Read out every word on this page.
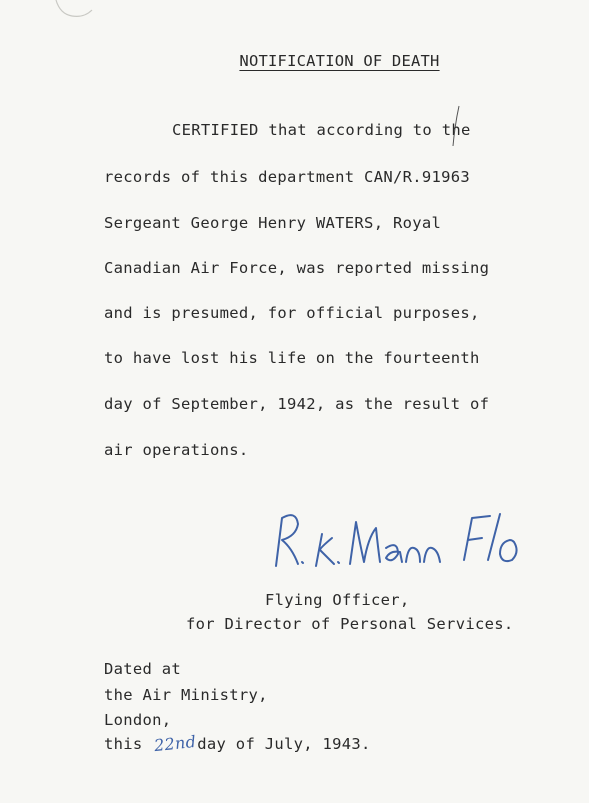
NOTIFICATION OF DEATH
CERTIFIED that according to the
records of this department CAN/R.91963
Sergeant George Henry WATERS, Royal
Canadian Air Force, was reported missing
and is presumed, for official purposes,
to have lost his life on the fourteenth
day of September, 1942, as the result of
air operations.
Flying Officer,
for Director of Personal Services.
Dated at
the Air Ministry,
London,
this 22ndday of July, 1943.
